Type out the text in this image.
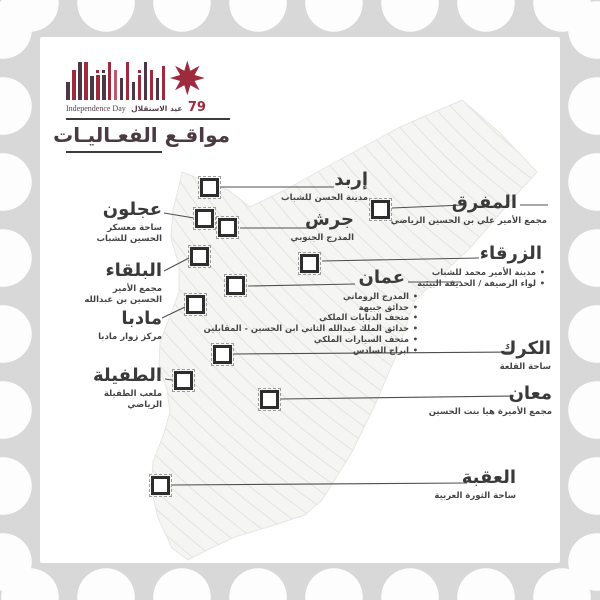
Independence Day عيد الاستقلال 79
مواقـع الفعـاليـات
إربد
مدينة الحسن للشباب
عجلون
ساحة معسكر
الحسين للشباب
جرش
المدرج الجنوبي
المفرق
مجمع الأمير علي بن الحسين الرياضي
الزرقاء
• مدينة الأمير محمد للشباب
• لواء الرصيفة / الحديقة البيئية
البلقاء
مجمع الأمير
الحسين بن عبدالله
عمان
• المدرج الروماني
• حدائق جبيهة
• متحف الدبابات الملكي
• حدائق الملك عبدالله الثاني ابن الحسين - المقابلين
• متحف السيارات الملكي
• ابراج السادس
مادبا
مركز زوار مادبا
الكرك
ساحة القلعة
الطفيلة
ملعب الطفيلة
الرياضي
معان
مجمع الأميرة هيا بنت الحسين
العقبة
ساحة الثورة العربية
